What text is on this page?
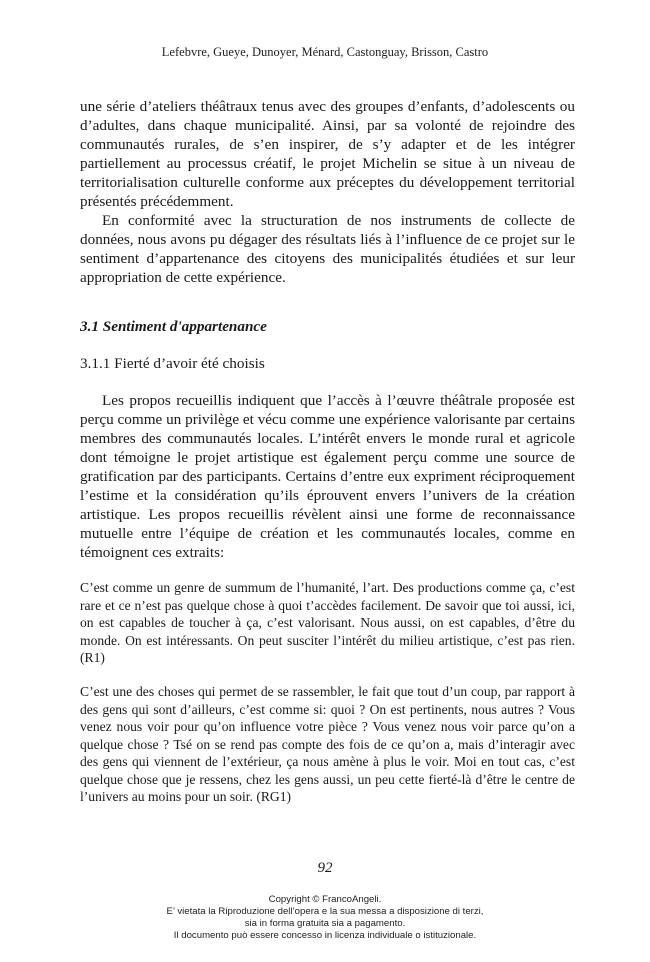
Lefebvre, Gueye, Dunoyer, Ménard, Castonguay, Brisson, Castro

une série d’ateliers théâtraux tenus avec des groupes d’enfants, d’adolescents ou d’adultes, dans chaque municipalité. Ainsi, par sa volonté de rejoindre des communautés rurales, de s’en inspirer, de s’y adapter et de les intégrer partiellement au processus créatif, le projet Michelin se situe à un niveau de territorialisation culturelle conforme aux préceptes du développement territorial présentés précédemment.

En conformité avec la structuration de nos instruments de collecte de données, nous avons pu dégager des résultats liés à l’influence de ce projet sur le sentiment d’appartenance des citoyens des municipalités étudiées et sur leur appropriation de cette expérience.

3.1 Sentiment d'appartenance
3.1.1 Fierté d’avoir été choisis

Les propos recueillis indiquent que l’accès à l’œuvre théâtrale proposée est perçu comme un privilège et vécu comme une expérience valorisante par certains membres des communautés locales. L’intérêt envers le monde rural et agricole dont témoigne le projet artistique est également perçu comme une source de gratification par des participants. Certains d’entre eux expriment réciproquement l’estime et la considération qu’ils éprouvent envers l’univers de la création artistique. Les propos recueillis révèlent ainsi une forme de reconnaissance mutuelle entre l’équipe de création et les communautés locales, comme en témoignent ces extraits:

C’est comme un genre de summum de l’humanité, l’art. Des productions comme ça, c’est rare et ce n’est pas quelque chose à quoi t’accèdes facilement. De savoir que toi aussi, ici, on est capables de toucher à ça, c’est valorisant. Nous aussi, on est capables, d’être du monde. On est intéressants. On peut susciter l’intérêt du milieu artistique, c’est pas rien. (R1)
C’est une des choses qui permet de se rassembler, le fait que tout d’un coup, par rapport à des gens qui sont d’ailleurs, c’est comme si: quoi ? On est pertinents, nous autres ? Vous venez nous voir pour qu’on influence votre pièce ? Vous venez nous voir parce qu’on a quelque chose ? Tsé on se rend pas compte des fois de ce qu’on a, mais d’interagir avec des gens qui viennent de l’extérieur, ça nous amène à plus le voir. Moi en tout cas, c’est quelque chose que je ressens, chez les gens aussi, un peu cette fierté-là d’être le centre de l’univers au moins pour un soir. (RG1)
92
Copyright © FrancoAngeli.
E’ vietata la Riproduzione dell’opera e la sua messa a disposizione di terzi,
sia in forma gratuita sia a pagamento.
Il documento può essere concesso in licenza individuale o istituzionale.
